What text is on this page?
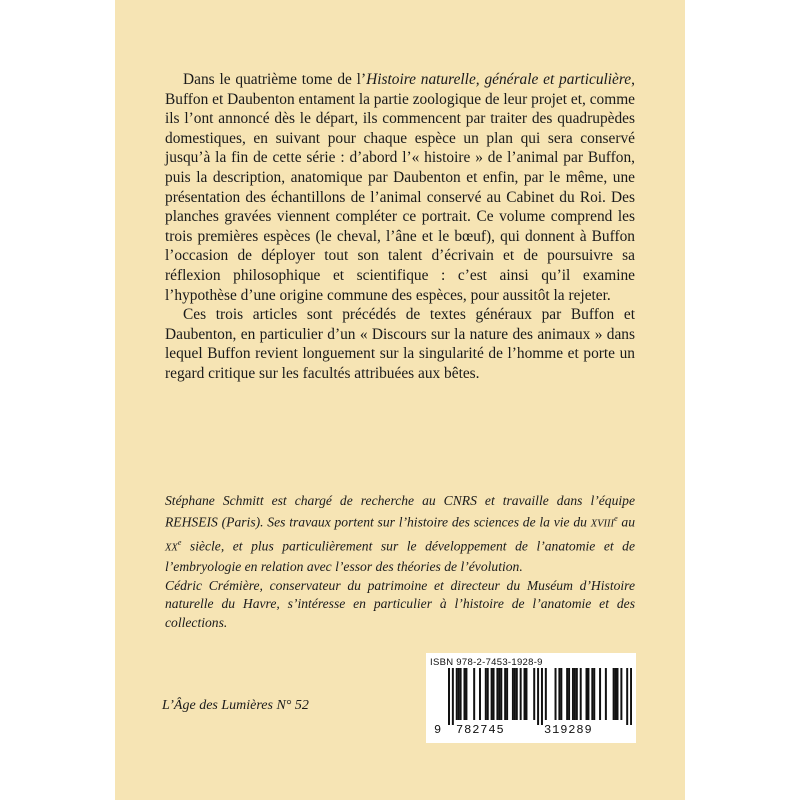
Dans le quatrième tome de l’Histoire naturelle, générale et particulière, Buffon et Daubenton entament la partie zoologique de leur projet et, comme ils l’ont annoncé dès le départ, ils commencent par traiter des quadrupèdes domestiques, en suivant pour chaque espèce un plan qui sera conservé jusqu’à la fin de cette série : d’abord l’« histoire » de l’animal par Buffon, puis la description, anatomique par Daubenton et enfin, par le même, une présentation des échantillons de l’animal conservé au Cabinet du Roi. Des planches gravées viennent compléter ce portrait. Ce volume comprend les trois premières espèces (le cheval, l’âne et le bœuf), qui donnent à Buffon l’occasion de déployer tout son talent d’écrivain et de poursuivre sa réflexion philosophique et scientifique : c’est ainsi qu’il examine l’hypothèse d’une origine commune des espèces, pour aussitôt la rejeter.

Ces trois articles sont précédés de textes généraux par Buffon et Daubenton, en particulier d’un « Discours sur la nature des animaux » dans lequel Buffon revient longuement sur la singularité de l’homme et porte un regard critique sur les facultés attribuées aux bêtes.

Stéphane Schmitt est chargé de recherche au CNRS et travaille dans l’équipe REHSEIS (Paris). Ses travaux portent sur l’histoire des sciences de la vie du XVIIIe au XXe siècle, et plus particulièrement sur le développement de l’anatomie et de l’embryologie en relation avec l’essor des théories de l’évolution.

Cédric Crémière, conservateur du patrimoine et directeur du Muséum d’Histoire naturelle du Havre, s’intéresse en particulier à l’histoire de l’anatomie et des collections.

L’Âge des Lumières N° 52
ISBN 978-2-7453-1928-9
9 782745	319289
